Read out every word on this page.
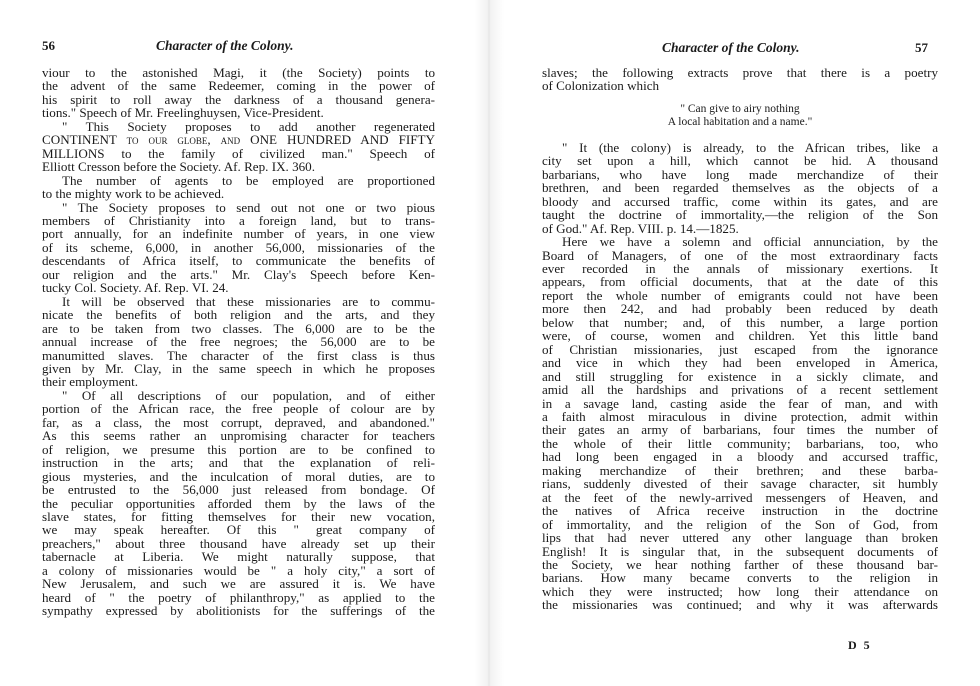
56	Character of the Colony.
viour to the astonished Magi, it (the Society) points to
the advent of the same Redeemer, coming in the power of
his spirit to roll away the darkness of a thousand genera-
tions." Speech of Mr. Freelinghuysen, Vice-President.
" This Society proposes to add another regenerated
CONTINENT to our globe, and ONE HUNDRED AND FIFTY
MILLIONS to the family of civilized man." Speech of
Elliott Cresson before the Society. Af. Rep. IX. 360.
The number of agents to be employed are proportioned
to the mighty work to be achieved.
" The Society proposes to send out not one or two pious
members of Christianity into a foreign land, but to trans-
port annually, for an indefinite number of years, in one view
of its scheme, 6,000, in another 56,000, missionaries of the
descendants of Africa itself, to communicate the benefits of
our religion and the arts." Mr. Clay's Speech before Ken-
tucky Col. Society. Af. Rep. VI. 24.
It will be observed that these missionaries are to commu-
nicate the benefits of both religion and the arts, and they
are to be taken from two classes. The 6,000 are to be the
annual increase of the free negroes; the 56,000 are to be
manumitted slaves. The character of the first class is thus
given by Mr. Clay, in the same speech in which he proposes
their employment.
" Of all descriptions of our population, and of either
portion of the African race, the free people of colour are by
far, as a class, the most corrupt, depraved, and abandoned."
As this seems rather an unpromising character for teachers
of religion, we presume this portion are to be confined to
instruction in the arts; and that the explanation of reli-
gious mysteries, and the inculcation of moral duties, are to
be entrusted to the 56,000 just released from bondage. Of
the peculiar opportunities afforded them by the laws of the
slave states, for fitting themselves for their new vocation,
we may speak hereafter. Of this " great company of
preachers," about three thousand have already set up their
tabernacle at Liberia. We might naturally suppose, that
a colony of missionaries would be " a holy city," a sort of
New Jerusalem, and such we are assured it is. We have
heard of " the poetry of philanthropy," as applied to the
sympathy expressed by abolitionists for the sufferings of the
Character of the Colony.	57
slaves; the following extracts prove that there is a poetry
of Colonization which
" Can give to airy nothing
A local habitation and a name."
" It (the colony) is already, to the African tribes, like a
city set upon a hill, which cannot be hid. A thousand
barbarians, who have long made merchandize of their
brethren, and been regarded themselves as the objects of a
bloody and accursed traffic, come within its gates, and are
taught the doctrine of immortality,—the religion of the Son
of God." Af. Rep. VIII. p. 14.—1825.
Here we have a solemn and official annunciation, by the
Board of Managers, of one of the most extraordinary facts
ever recorded in the annals of missionary exertions. It
appears, from official documents, that at the date of this
report the whole number of emigrants could not have been
more then 242, and had probably been reduced by death
below that number; and, of this number, a large portion
were, of course, women and children. Yet this little band
of Christian missionaries, just escaped from the ignorance
and vice in which they had been enveloped in America,
and still struggling for existence in a sickly climate, and
amid all the hardships and privations of a recent settlement
in a savage land, casting aside the fear of man, and with
a faith almost miraculous in divine protection, admit within
their gates an army of barbarians, four times the number of
the whole of their little community; barbarians, too, who
had long been engaged in a bloody and accursed traffic,
making merchandize of their brethren; and these barba-
rians, suddenly divested of their savage character, sit humbly
at the feet of the newly-arrived messengers of Heaven, and
the natives of Africa receive instruction in the doctrine
of immortality, and the religion of the Son of God, from
lips that had never uttered any other language than broken
English! It is singular that, in the subsequent documents of
the Society, we hear nothing farther of these thousand bar-
barians. How many became converts to the religion in
which they were instructed; how long their attendance on
the missionaries was continued; and why it was afterwards
D 5
